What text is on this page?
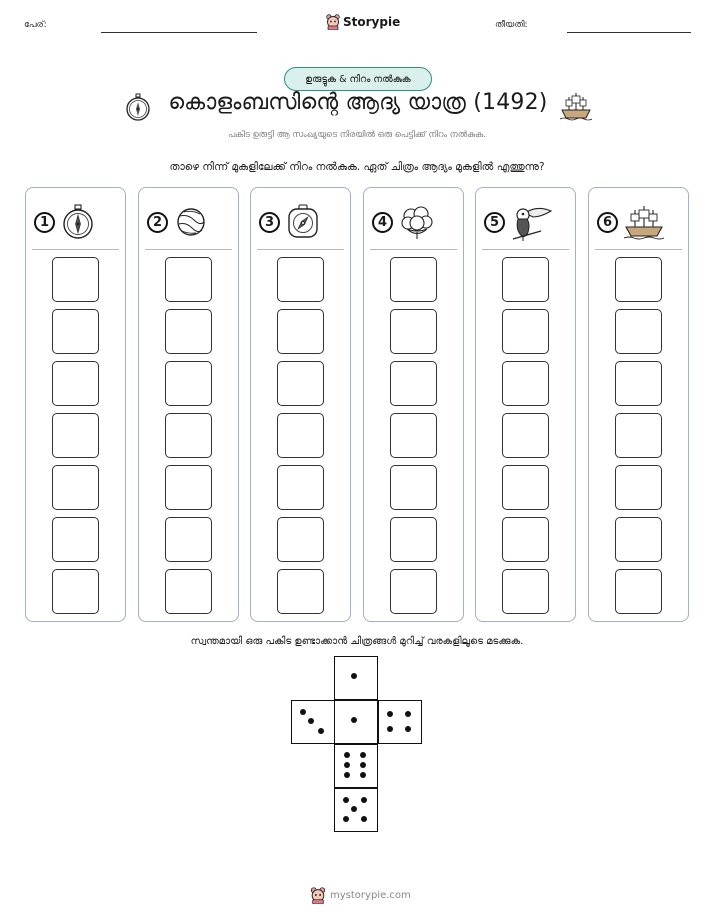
പേര്:	Storypie	തീയതി:
ഉരുട്ടുക & നിറം നൽകുക
കൊളംബസിന്റെ ആദ്യ യാത്ര (1492)
പകിട ഉരുട്ടി ആ സംഖ്യയുടെ നിരയിൽ ഒരു പെട്ടിക്ക് നിറം നൽകുക.
താഴെ നിന്ന് മുകളിലേക്ക് നിറം നൽകുക. ഏത് ചിത്രം ആദ്യം മുകളിൽ എത്തുന്നു?
1	2	3	4	5	6
സ്വന്തമായി ഒരു പകിട ഉണ്ടാക്കാൻ ചിത്രങ്ങൾ മുറിച്ച് വരകളിലൂടെ മടക്കുക.
mystorypie.com
